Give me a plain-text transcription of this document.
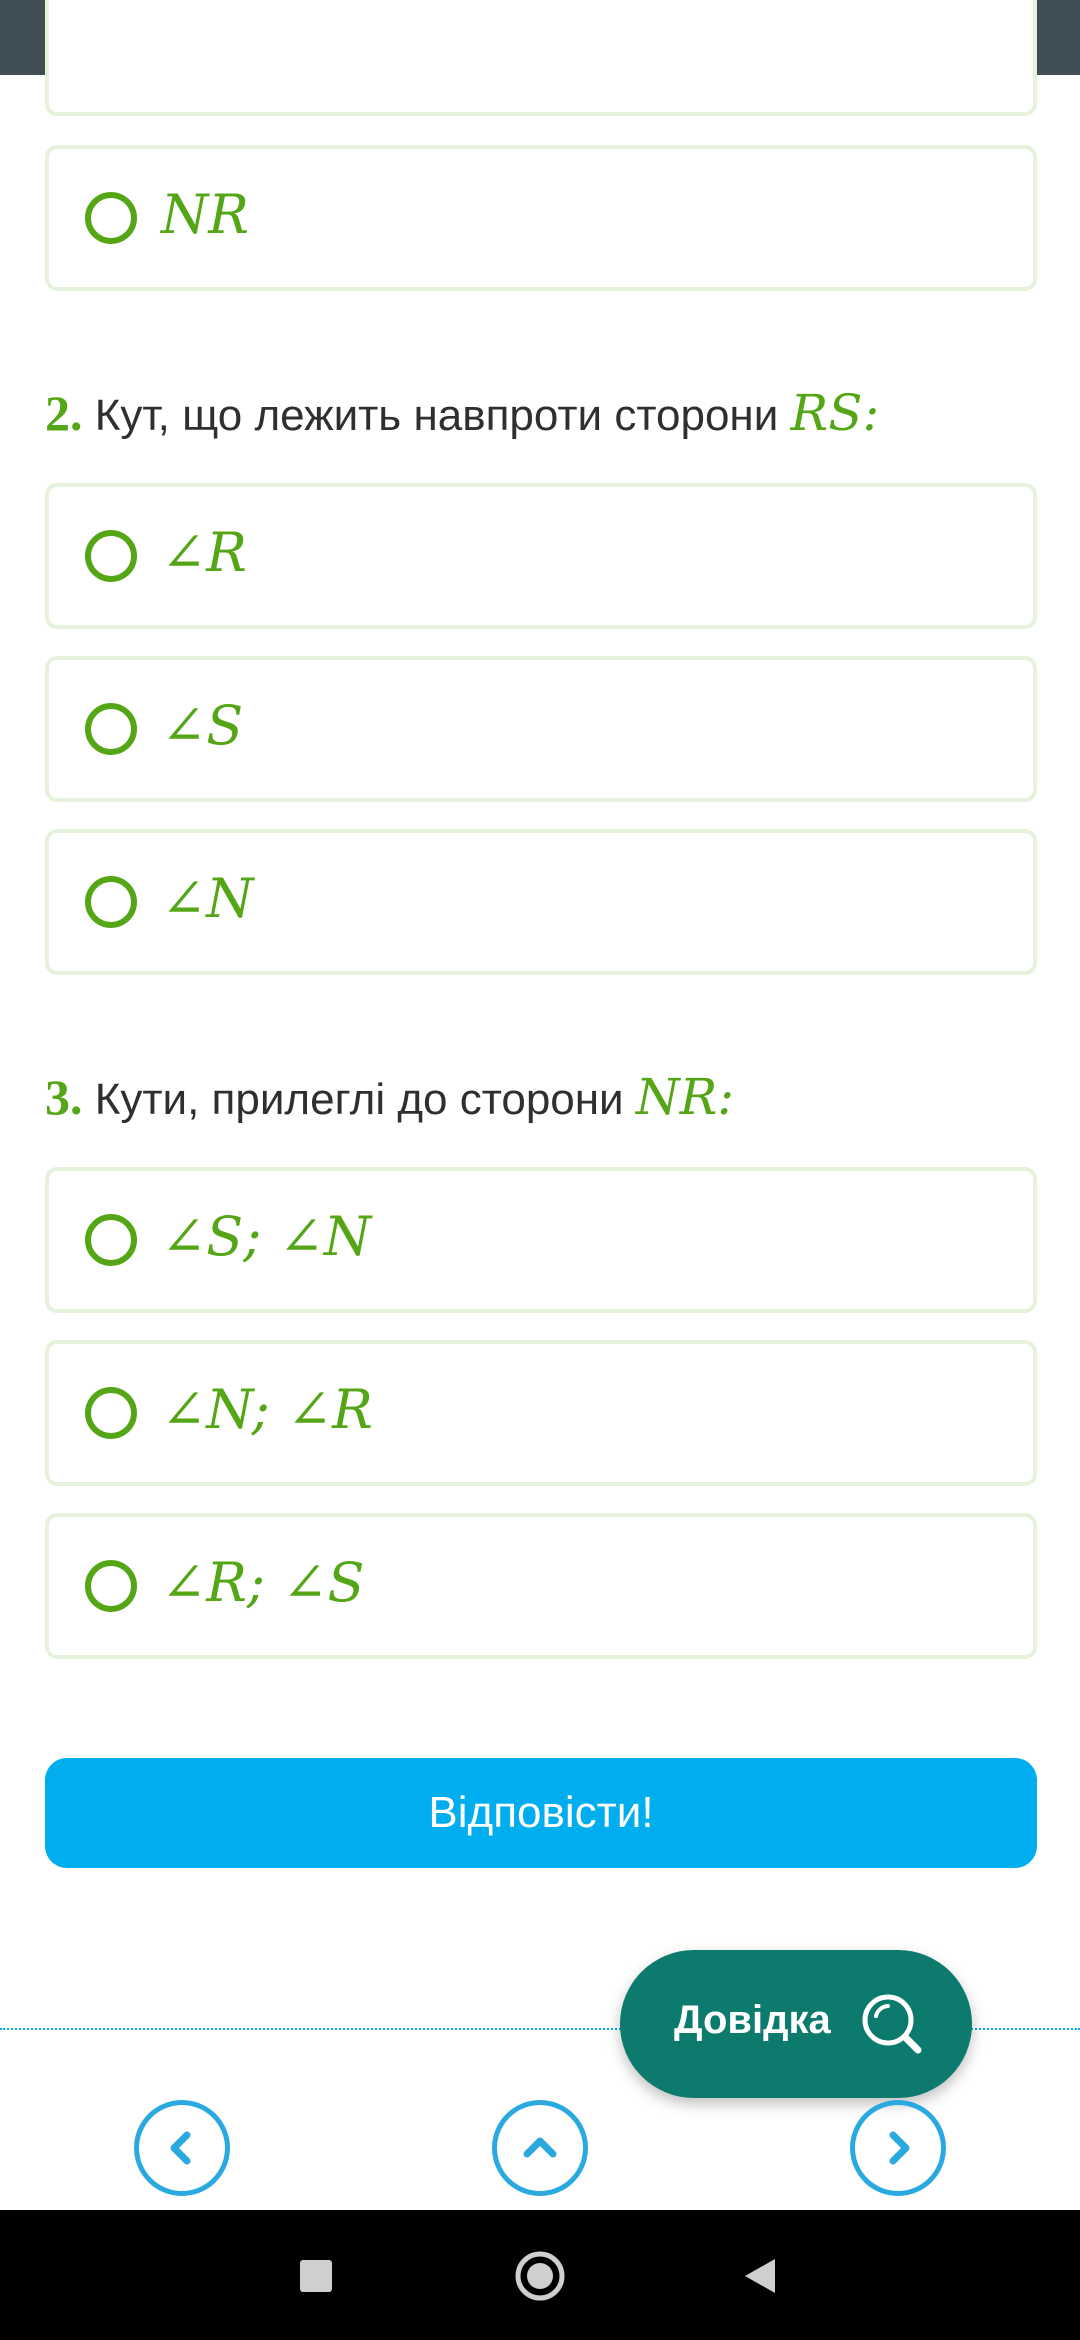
NR
2. Кут, що лежить навпроти сторони RS:
∠R
∠S
∠N
3. Кути, прилеглі до сторони NR:
∠S; ∠N
∠N; ∠R
∠R; ∠S
Відповісти!
Довідка
